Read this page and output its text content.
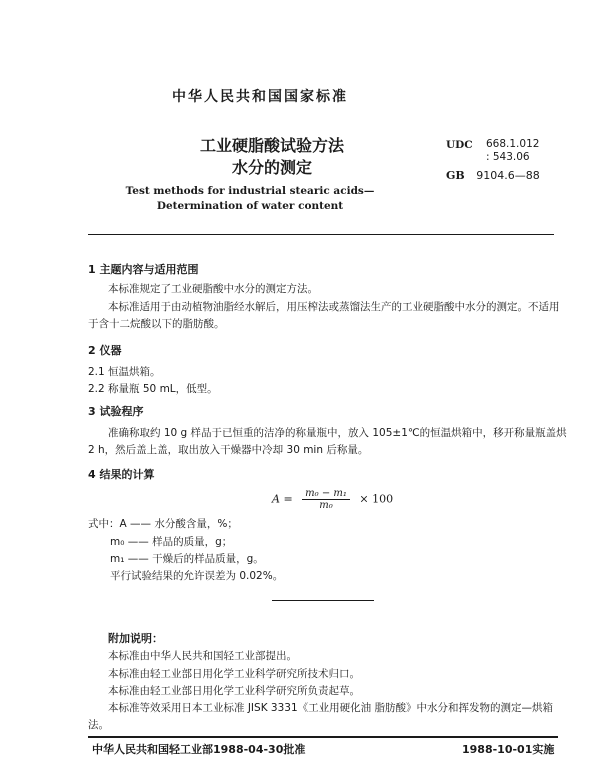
中华人民共和国国家标准
工业硬脂酸试验方法
水分的测定
UDC 668.1.012
: 543.06
GB 9104.6—88
Test methods for industrial stearic acids—
Determination of water content
1 主题内容与适用范围
本标准规定了工业硬脂酸中水分的测定方法。
本标准适用于由动植物油脂经水解后，用压榨法或蒸馏法生产的工业硬脂酸中水分的测定。不适用
于含十二烷酸以下的脂肪酸。
2 仪器
2.1 恒温烘箱。
2.2 称量瓶 50 mL，低型。
3 试验程序
准确称取约 10 g 样品于已恒重的洁净的称量瓶中，放入 105±1℃的恒温烘箱中，移开称量瓶盖烘
2 h，然后盖上盖，取出放入干燥器中冷却 30 min 后称量。
4 结果的计算
$A = \frac{\text{m₀ − m₁}}{\text{m₀}} \times 100$
式中：A —— 水分酸含量，%；
m₀ —— 样品的质量，g；
m₁ —— 干燥后的样品质量，g。
平行试验结果的允许误差为 0.02%。
附加说明：
本标准由中华人民共和国轻工业部提出。
本标准由轻工业部日用化学工业科学研究所技术归口。
本标准由轻工业部日用化学工业科学研究所负责起草。
本标准等效采用日本工业标准 JISK 3331《工业用硬化油 脂肪酸》中水分和挥发物的测定—烘箱
法。
中华人民共和国轻工业部1988-04-30批准	1988-10-01实施
